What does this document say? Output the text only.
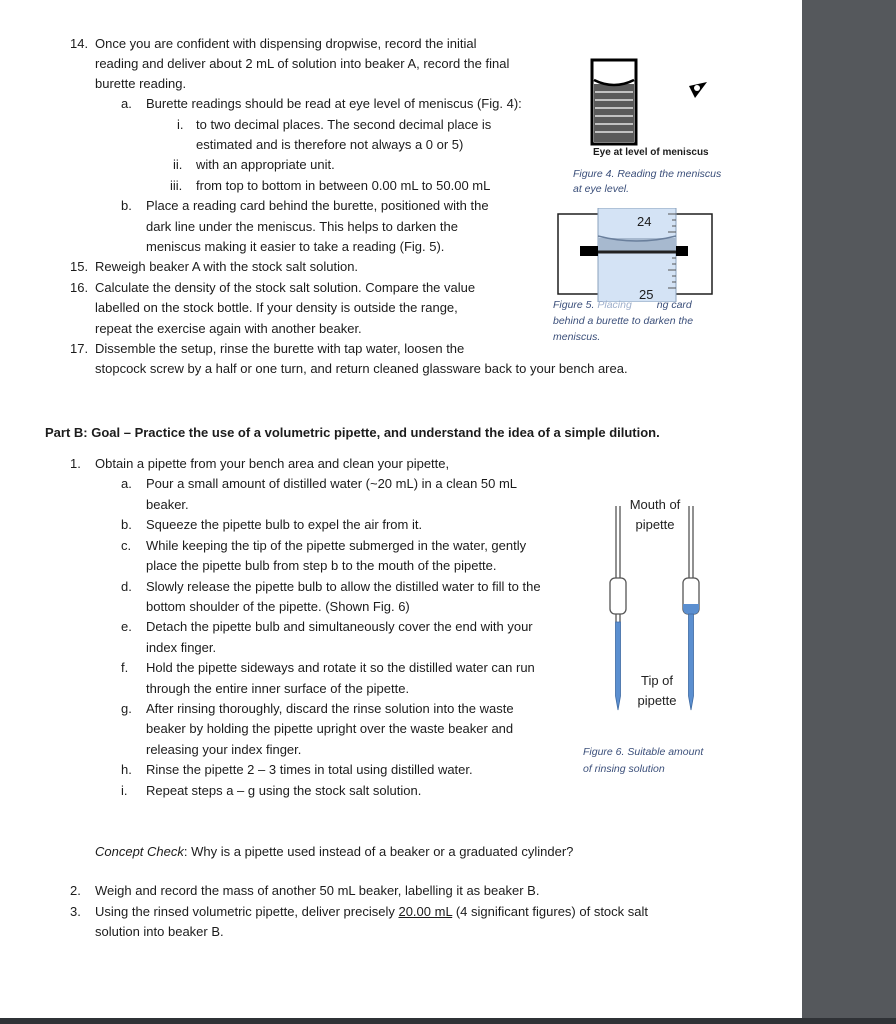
14. Once you are confident with dispensing dropwise, record the initial
reading and deliver about 2 mL of solution into beaker A, record the final
burette reading.
a. Burette readings should be read at eye level of meniscus (Fig. 4):
i. to two decimal places. The second decimal place is
estimated and is therefore not always a 0 or 5)
ii. with an appropriate unit.
iii. from top to bottom in between 0.00 mL to 50.00 mL
b. Place a reading card behind the burette, positioned with the
dark line under the meniscus. This helps to darken the
meniscus making it easier to take a reading (Fig. 5).
15. Reweigh beaker A with the stock salt solution.
16. Calculate the density of the stock salt solution. Compare the value
labelled on the stock bottle. If your density is outside the range,
repeat the exercise again with another beaker.
17. Dissemble the setup, rinse the burette with tap water, loosen the
stopcock screw by a half or one turn, and return cleaned glassware back to your bench area.
Eye at level of meniscus
Figure 4. Reading the meniscus
at eye level.
24
25
Figure 5. Placing ng card
behind a burette to darken the
meniscus.
Part B: Goal – Practice the use of a volumetric pipette, and understand the idea of a simple dilution.
1. Obtain a pipette from your bench area and clean your pipette,
a. Pour a small amount of distilled water (~20 mL) in a clean 50 mL
beaker.
b. Squeeze the pipette bulb to expel the air from it.
c. While keeping the tip of the pipette submerged in the water, gently
place the pipette bulb from step b to the mouth of the pipette.
d. Slowly release the pipette bulb to allow the distilled water to fill to the
bottom shoulder of the pipette. (Shown Fig. 6)
e. Detach the pipette bulb and simultaneously cover the end with your
index finger.
f. Hold the pipette sideways and rotate it so the distilled water can run
through the entire inner surface of the pipette.
g. After rinsing thoroughly, discard the rinse solution into the waste
beaker by holding the pipette upright over the waste beaker and
releasing your index finger.
h. Rinse the pipette 2 – 3 times in total using distilled water.
i. Repeat steps a – g using the stock salt solution.
Mouth of
pipette
Tip of
pipette
Figure 6. Suitable amount
of rinsing solution
Concept Check: Why is a pipette used instead of a beaker or a graduated cylinder?
2. Weigh and record the mass of another 50 mL beaker, labelling it as beaker B.
3. Using the rinsed volumetric pipette, deliver precisely 20.00 mL (4 significant figures) of stock salt
solution into beaker B.
